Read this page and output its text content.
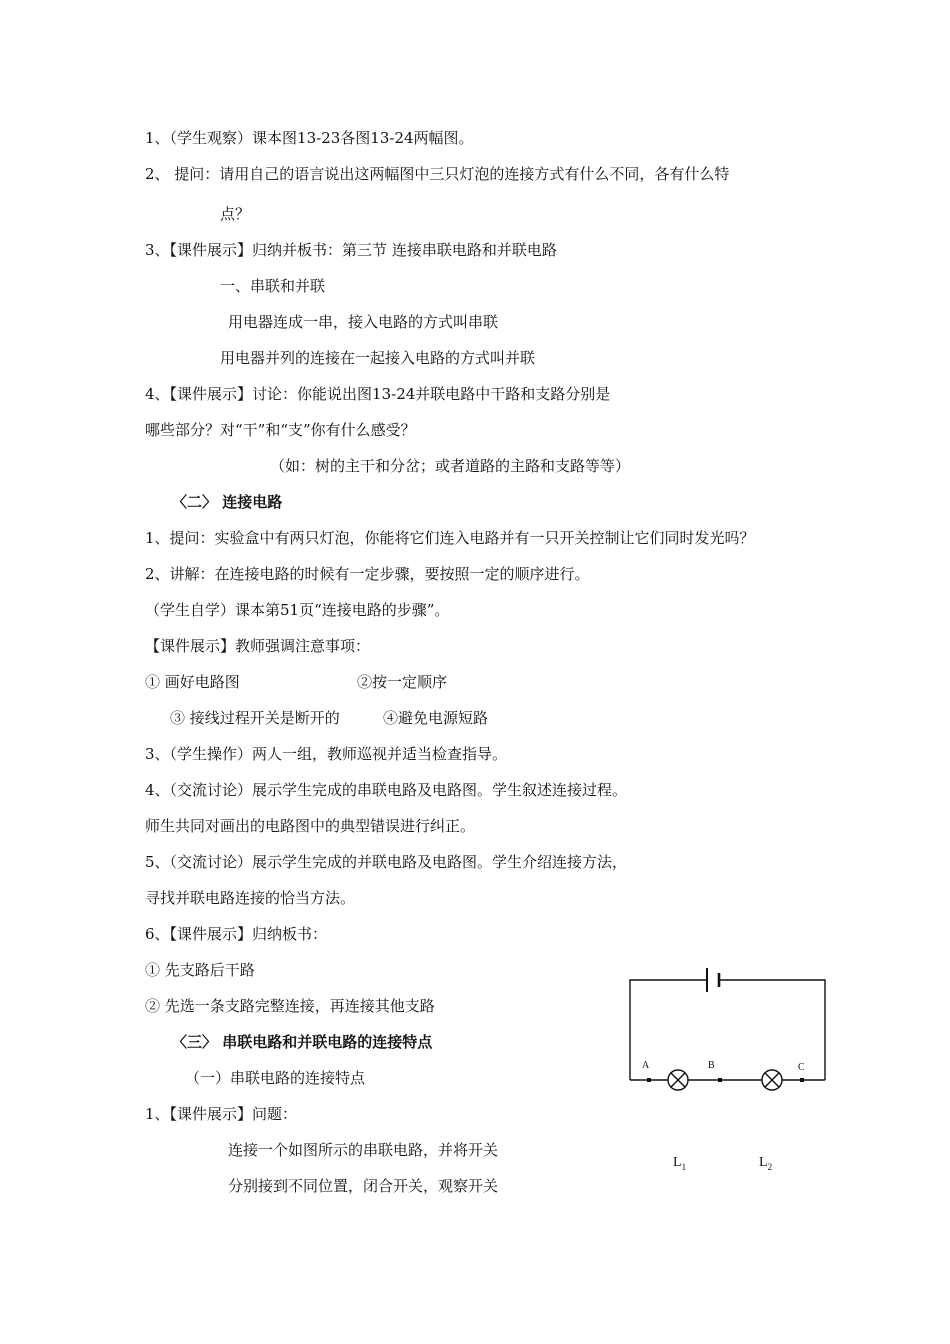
1、（学生观察）课本图13-23各图13-24两幅图。
2、 提问：请用自己的语言说出这两幅图中三只灯泡的连接方式有什么不同，各有什么特
点？
3、【课件展示】归纳并板书：第三节 连接串联电路和并联电路
一、串联和并联
用电器连成一串，接入电路的方式叫串联
用电器并列的连接在一起接入电路的方式叫并联
4、【课件展示】讨论：你能说出图13-24并联电路中干路和支路分别是
哪些部分？对“干”和“支”你有什么感受？
（如：树的主干和分岔；或者道路的主路和支路等等）
〈二〉 连接电路
1、提问：实验盒中有两只灯泡，你能将它们连入电路并有一只开关控制让它们同时发光吗？
2、讲解：在连接电路的时候有一定步骤，要按照一定的顺序进行。
（学生自学）课本第51页“连接电路的步骤”。
【课件展示】教师强调注意事项：
① 画好电路图	②按一定顺序
③ 接线过程开关是断开的	④避免电源短路
3、（学生操作）两人一组，教师巡视并适当检查指导。
4、（交流讨论）展示学生完成的串联电路及电路图。学生叙述连接过程。
师生共同对画出的电路图中的典型错误进行纠正。
5、（交流讨论）展示学生完成的并联电路及电路图。学生介绍连接方法，
寻找并联电路连接的恰当方法。
6、【课件展示】归纳板书：
① 先支路后干路
② 先选一条支路完整连接，再连接其他支路
〈三〉 串联电路和并联电路的连接特点
（一）串联电路的连接特点
1、【课件展示】问题：
连接一个如图所示的串联电路，并将开关
分别接到不同位置，闭合开关，观察开关
A	B	C
$L_1$	$L_2$
